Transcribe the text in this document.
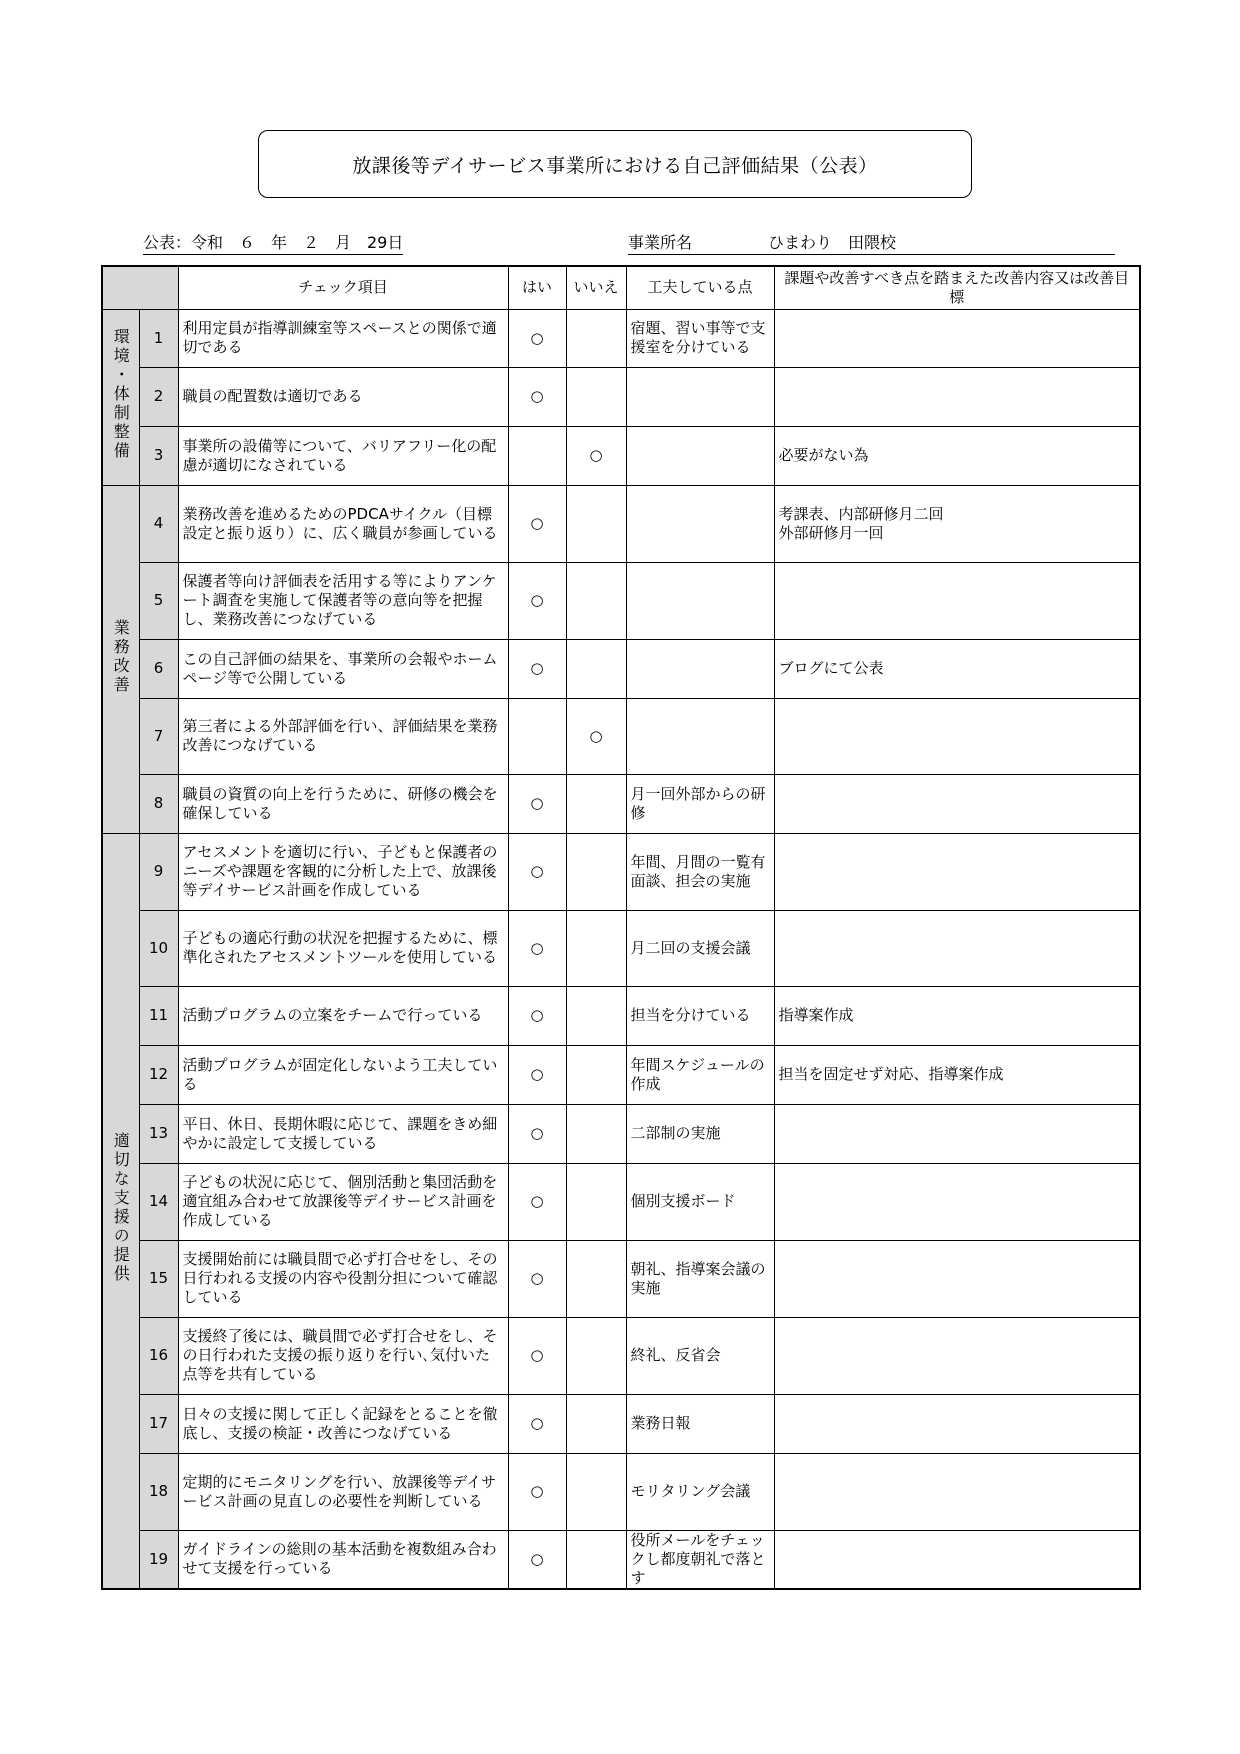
放課後等デイサービス事業所における自己評価結果（公表）
公表：令和　６　年　２　月　29日	事業所名	ひまわり　田隈校
		チェック項目	はい	いいえ	工夫している点	課題や改善すべき点を踏まえた改善内容又は改善目標
環境・体制整備	1	利用定員が指導訓練室等スペースとの関係で適切である	○		宿題、習い事等で支援室を分けている	
	2	職員の配置数は適切である	○			
	3	事業所の設備等について、バリアフリー化の配慮が適切になされている		○		必要がない為
業務改善	4	業務改善を進めるためのPDCAサイクル（目標設定と振り返り）に、広く職員が参画している	○			考課表、内部研修月二回
外部研修月一回
	5	保護者等向け評価表を活用する等によりアンケート調査を実施して保護者等の意向等を把握し、業務改善につなげている	○			
	6	この自己評価の結果を、事業所の会報やホームページ等で公開している	○			ブログにて公表
	7	第三者による外部評価を行い、評価結果を業務改善につなげている		○		
	8	職員の資質の向上を行うために、研修の機会を確保している	○		月一回外部からの研修	
適切な支援の提供	9	アセスメントを適切に行い、子どもと保護者のニーズや課題を客観的に分析した上で、放課後等デイサービス計画を作成している	○		年間、月間の一覧有面談、担会の実施	
	10	子どもの適応行動の状況を把握するために、標準化されたアセスメントツールを使用している	○		月二回の支援会議	
	11	活動プログラムの立案をチームで行っている	○		担当を分けている	指導案作成
	12	活動プログラムが固定化しないよう工夫している	○		年間スケジュールの作成	担当を固定せず対応、指導案作成
	13	平日、休日、長期休暇に応じて、課題をきめ細やかに設定して支援している	○		二部制の実施	
	14	子どもの状況に応じて、個別活動と集団活動を適宜組み合わせて放課後等デイサービス計画を作成している	○		個別支援ボード	
	15	支援開始前には職員間で必ず打合せをし、その日行われる支援の内容や役割分担について確認している	○		朝礼、指導案会議の実施	
	16	支援終了後には、職員間で必ず打合せをし、その日行われた支援の振り返りを行い､気付いた点等を共有している	○		終礼、反省会	
	17	日々の支援に関して正しく記録をとることを徹底し、支援の検証・改善につなげている	○		業務日報	
	18	定期的にモニタリングを行い、放課後等デイサービス計画の見直しの必要性を判断している	○		モリタリング会議	
	19	ガイドラインの総則の基本活動を複数組み合わせて支援を行っている	○		役所メールをチェックし都度朝礼で落とす	
